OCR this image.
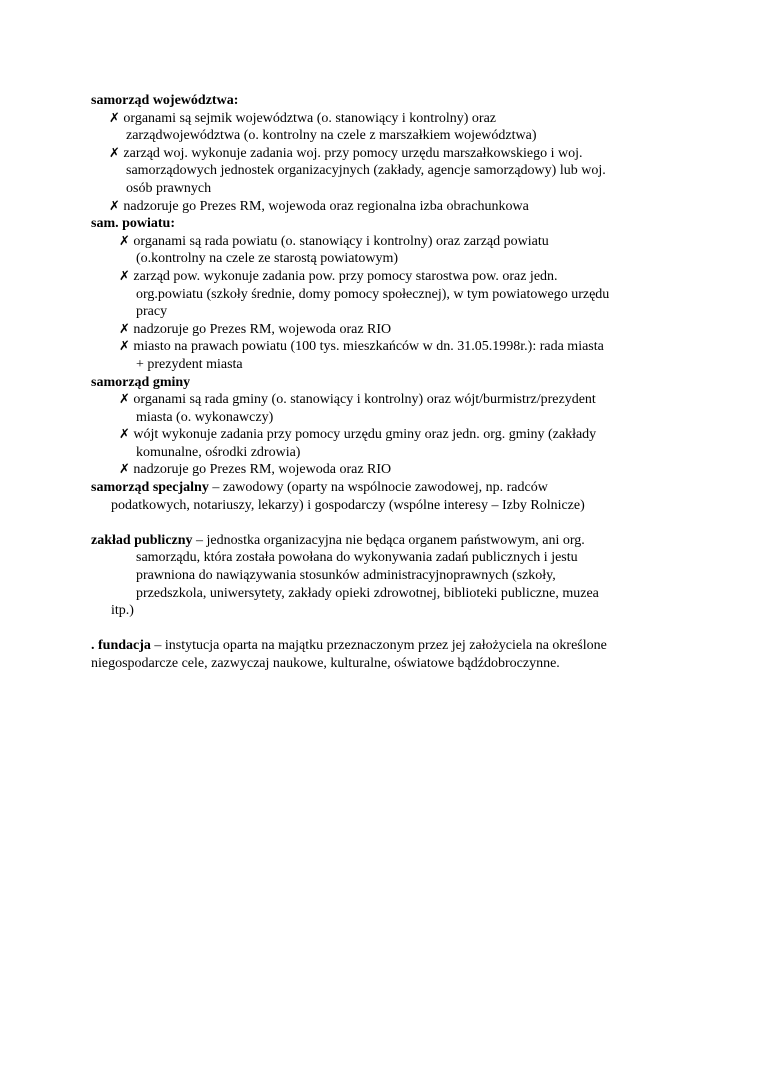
samorząd województwa:
✗ organami są sejmik województwa (o. stanowiący i kontrolny) oraz
zarządwojewództwa (o. kontrolny na czele z marszałkiem województwa)
✗ zarząd woj. wykonuje zadania woj. przy pomocy urzędu marszałkowskiego i woj.
samorządowych jednostek organizacyjnych (zakłady, agencje samorządowy) lub woj.
osób prawnych
✗ nadzoruje go Prezes RM, wojewoda oraz regionalna izba obrachunkowa
sam. powiatu:
✗ organami są rada powiatu (o. stanowiący i kontrolny) oraz zarząd powiatu
(o.kontrolny na czele ze starostą powiatowym)
✗ zarząd pow. wykonuje zadania pow. przy pomocy starostwa pow. oraz jedn.
org.powiatu (szkoły średnie, domy pomocy społecznej), w tym powiatowego urzędu
pracy
✗ nadzoruje go Prezes RM, wojewoda oraz RIO
✗ miasto na prawach powiatu (100 tys. mieszkańców w dn. 31.05.1998r.): rada miasta
+ prezydent miasta
samorząd gminy
✗ organami są rada gminy (o. stanowiący i kontrolny) oraz wójt/burmistrz/prezydent
miasta (o. wykonawczy)
✗ wójt wykonuje zadania przy pomocy urzędu gminy oraz jedn. org. gminy (zakłady
komunalne, ośrodki zdrowia)
✗ nadzoruje go Prezes RM, wojewoda oraz RIO
samorząd specjalny – zawodowy (oparty na wspólnocie zawodowej, np. radców
podatkowych, notariuszy, lekarzy) i gospodarczy (wspólne interesy – Izby Rolnicze)
zakład publiczny – jednostka organizacyjna nie będąca organem państwowym, ani org.
samorządu, która została powołana do wykonywania zadań publicznych i jestu
prawniona do nawiązywania stosunków administracyjnoprawnych (szkoły,
przedszkola, uniwersytety, zakłady opieki zdrowotnej, biblioteki publiczne, muzea
itp.)
. fundacja – instytucja oparta na majątku przeznaczonym przez jej założyciela na określone
niegospodarcze cele, zazwyczaj naukowe, kulturalne, oświatowe bądźdobroczynne.
